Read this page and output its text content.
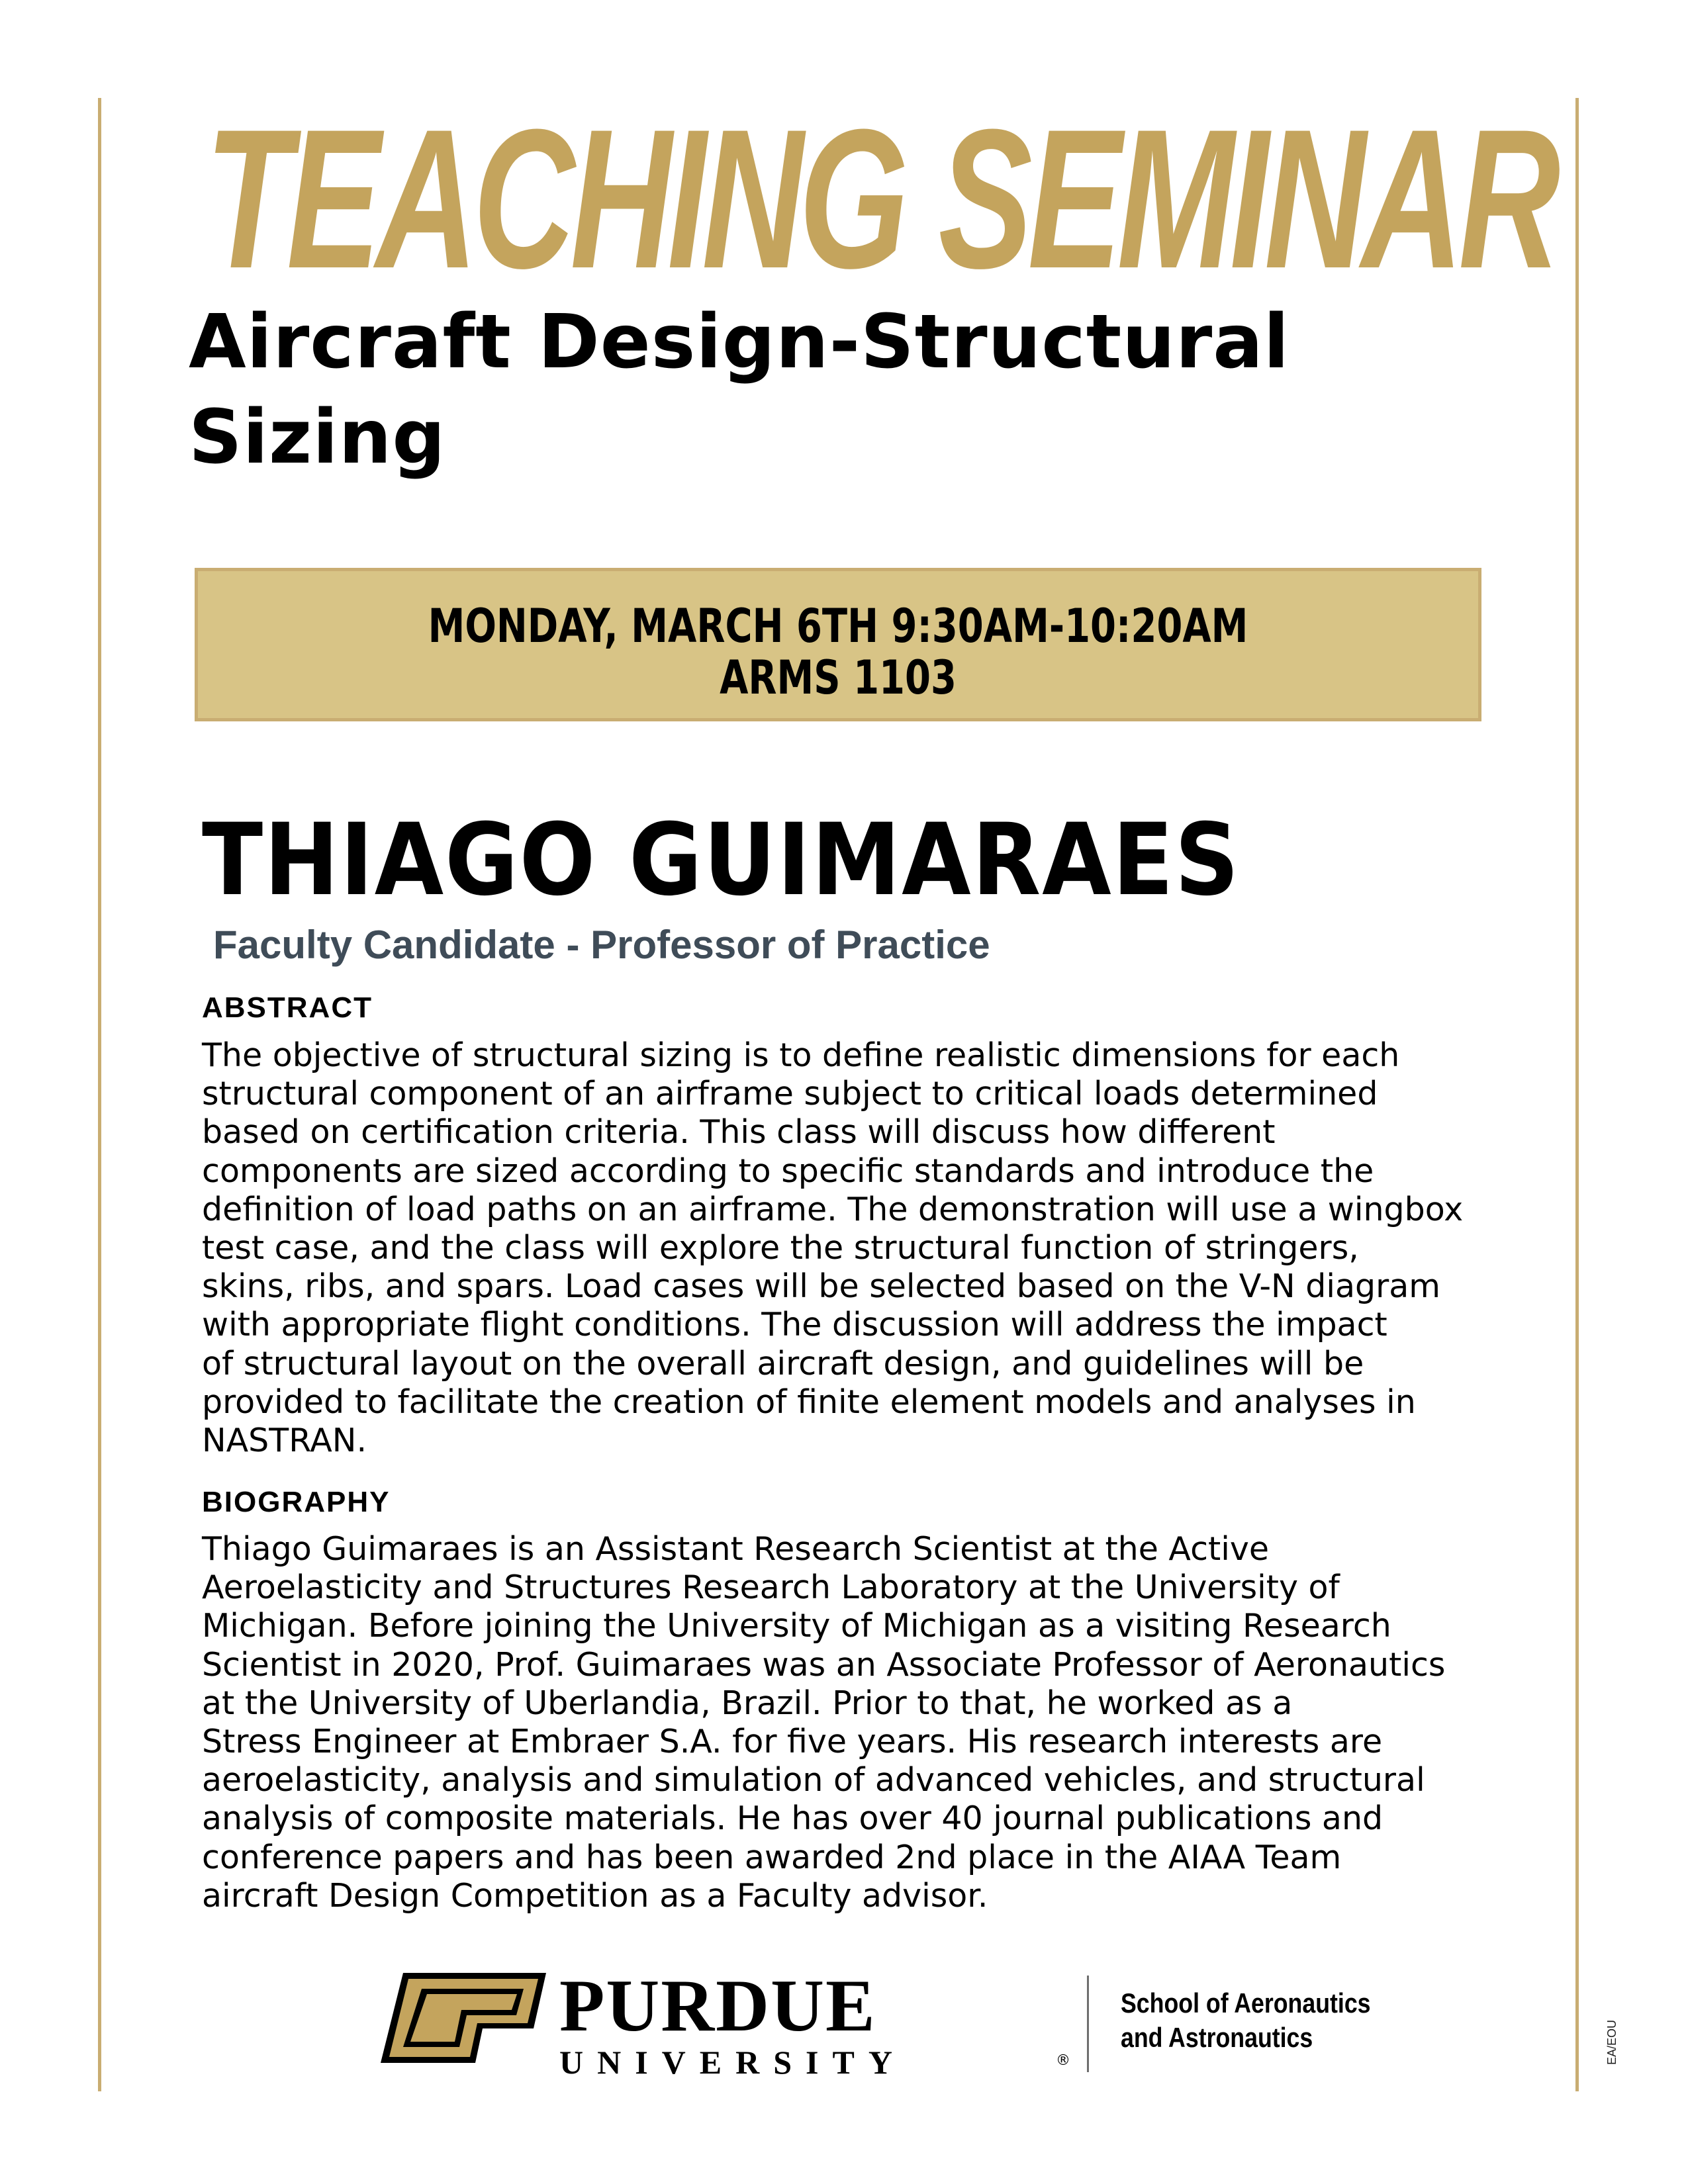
TEACHING SEMINAR
Aircraft Design-Structural
Sizing
MONDAY, MARCH 6TH 9:30AM-10:20AM
ARMS 1103
THIAGO GUIMARAES
Faculty Candidate - Professor of Practice
ABSTRACT
The objective of structural sizing is to define realistic dimensions for each
structural component of an airframe subject to critical loads determined
based on certification criteria. This class will discuss how different
components are sized according to specific standards and introduce the
definition of load paths on an airframe. The demonstration will use a wingbox
test case, and the class will explore the structural function of stringers,
skins, ribs, and spars. Load cases will be selected based on the V-N diagram
with appropriate flight conditions. The discussion will address the impact
of structural layout on the overall aircraft design, and guidelines will be
provided to facilitate the creation of finite element models and analyses in
NASTRAN.
BIOGRAPHY
Thiago Guimaraes is an Assistant Research Scientist at the Active
Aeroelasticity and Structures Research Laboratory at the University of
Michigan. Before joining the University of Michigan as a visiting Research
Scientist in 2020, Prof. Guimaraes was an Associate Professor of Aeronautics
at the University of Uberlandia, Brazil. Prior to that, he worked as a
Stress Engineer at Embraer S.A. for five years. His research interests are
aeroelasticity, analysis and simulation of advanced vehicles, and structural
analysis of composite materials. He has over 40 journal publications and
conference papers and has been awarded 2nd place in the AIAA Team
aircraft Design Competition as a Faculty advisor.
PURDUE
UNIVERSITY	®
School of Aeronautics
and Astronautics	EA/EOU
